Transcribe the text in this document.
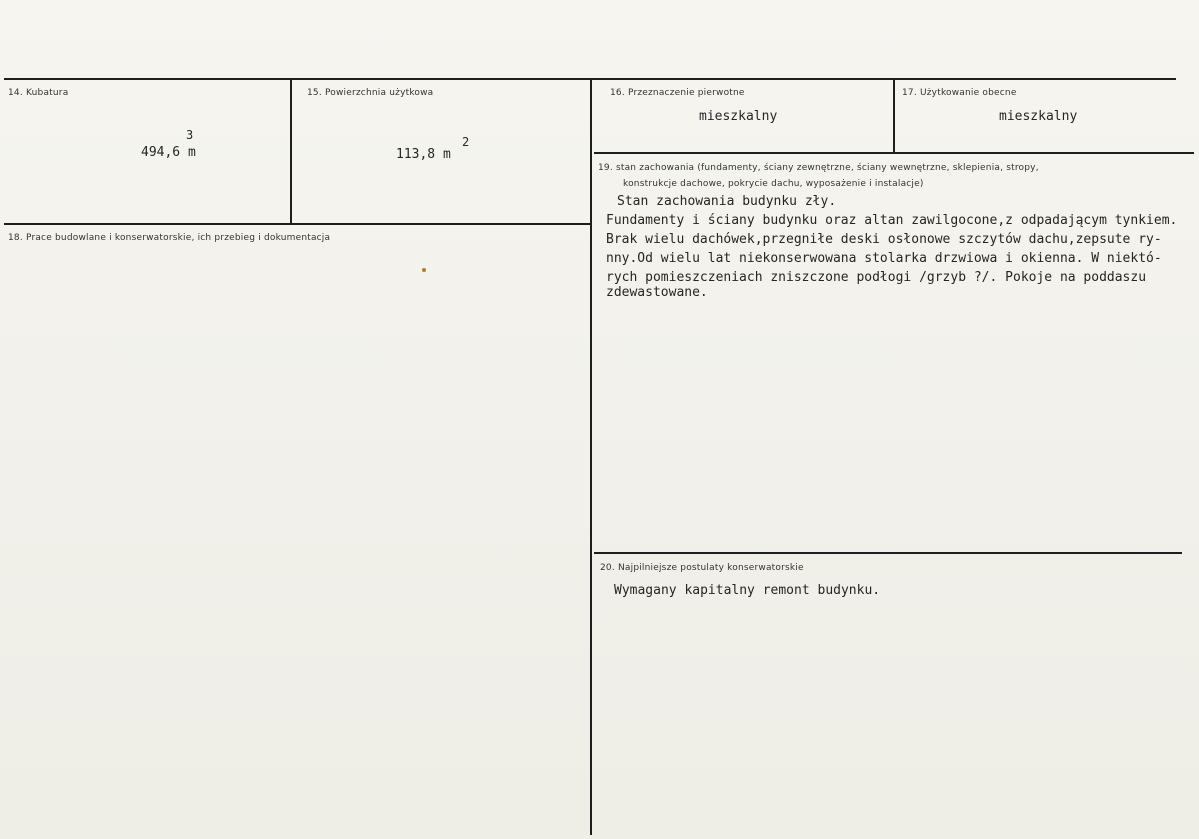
14. Kubatura
494,6 m
3
15. Powierzchnia użytkowa
113,8 m
2
16. Przeznaczenie pierwotne
mieszkalny
17. Użytkowanie obecne
mieszkalny
18. Prace budowlane i konserwatorskie, ich przebieg i dokumentacja
19. stan zachowania (fundamenty, ściany zewnętrzne, ściany wewnętrzne, sklepienia, stropy,
konstrukcje dachowe, pokrycie dachu, wyposażenie i instalacje)
Stan zachowania budynku zły.
Fundamenty i ściany budynku oraz altan zawilgocone,z odpadającym tynkiem.
Brak wielu dachówek,przegniłe deski osłonowe szczytów dachu,zepsute ry-
nny.Od wielu lat niekonserwowana stolarka drzwiowa i okienna. W niektó-
rych pomieszczeniach zniszczone podłogi /grzyb ?/. Pokoje na poddaszu
zdewastowane.
20. Najpilniejsze postulaty konserwatorskie
Wymagany kapitalny remont budynku.
